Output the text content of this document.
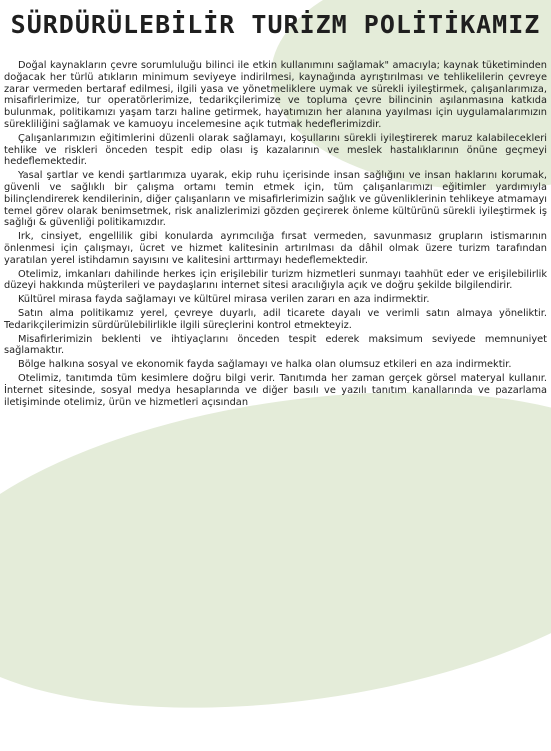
SÜRDÜRÜLEBİLİR TURİZM POLİTİKAMIZ

Doğal kaynakların çevre sorumluluğu bilinci ile etkin kullanımını sağlamak" amacıyla; kaynak tüketiminden doğacak her türlü atıkların minimum seviyeye indirilmesi, kaynağında ayrıştırılması ve tehlikelilerin çevreye zarar vermeden bertaraf edilmesi, ilgili yasa ve yönetmeliklere uymak ve sürekli iyileştirmek, çalışanlarımıza, misafirlerimize, tur operatörlerimize, tedarikçilerimize ve topluma çevre bilincinin aşılanmasına katkıda bulunmak, politikamızı yaşam tarzı haline getirmek, hayatımızın her alanına yayılması için uygulamalarımızın sürekliliğini sağlamak ve kamuoyu incelemesine açık tutmak hedeflerimizdir.

Çalışanlarımızın eğitimlerini düzenli olarak sağlamayı, koşullarını sürekli iyileştirerek maruz kalabilecekleri tehlike ve riskleri önceden tespit edip olası iş kazalarının ve meslek hastalıklarının önüne geçmeyi hedeflemektedir.

Yasal şartlar ve kendi şartlarımıza uyarak, ekip ruhu içerisinde insan sağlığını ve insan haklarını korumak, güvenli ve sağlıklı bir çalışma ortamı temin etmek için, tüm çalışanlarımızı eğitimler yardımıyla bilinçlendirerek kendilerinin, diğer çalışanların ve misafirlerimizin sağlık ve güvenliklerinin tehlikeye atmamayı temel görev olarak benimsetmek, risk analizlerimizi gözden geçirerek önleme kültürünü sürekli iyileştirmek iş sağlığı & güvenliği politikamızdır.

Irk, cinsiyet, engellilik gibi konularda ayrımcılığa fırsat vermeden, savunmasız grupların istismarının önlenmesi için çalışmayı, ücret ve hizmet kalitesinin artırılması da dâhil olmak üzere turizm tarafından yaratılan yerel istihdamın sayısını ve kalitesini arttırmayı hedeflemektedir.

Otelimiz, imkanları dahilinde herkes için erişilebilir turizm hizmetleri sunmayı taahhüt eder ve erişilebilirlik düzeyi hakkında müşterileri ve paydaşlarını internet sitesi aracılığıyla açık ve doğru şekilde bilgilendirir.

Kültürel mirasa fayda sağlamayı ve kültürel mirasa verilen zararı en aza indirmektir.

Satın alma politikamız yerel, çevreye duyarlı, adil ticarete dayalı ve verimli satın almaya yöneliktir. Tedarikçilerimizin sürdürülebilirlikle ilgili süreçlerini kontrol etmekteyiz.

Misafirlerimizin beklenti ve ihtiyaçlarını önceden tespit ederek maksimum seviyede memnuniyet sağlamaktır.

Bölge halkına sosyal ve ekonomik fayda sağlamayı ve halka olan olumsuz etkileri en aza indirmektir.

Otelimiz, tanıtımda tüm kesimlere doğru bilgi verir. Tanıtımda her zaman gerçek görsel materyal kullanır. İnternet sitesinde, sosyal medya hesaplarında ve diğer basılı ve yazılı tanıtım kanallarında ve pazarlama iletişiminde otelimiz, ürün ve hizmetleri açısından
